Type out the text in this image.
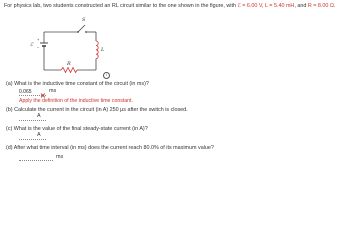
For physics lab, two students constructed an RL circuit similar to the one shown in the figure, with ℰ = 6.00 V, L = 5.40 mH, and R = 8.00 Ω.
S
+
−
ℰ
R
L
i
(a) What is the inductive time constant of the circuit (in ms)?
0.065
ms
✕
Apply the definition of the inductive time constant.
(b) Calculate the current in the circuit (in A) 250 μs after the switch is closed.
A
(c) What is the value of the final steady-state current (in A)?
A
(d) After what time interval (in ms) does the current reach 80.0% of its maximum value?
ms
